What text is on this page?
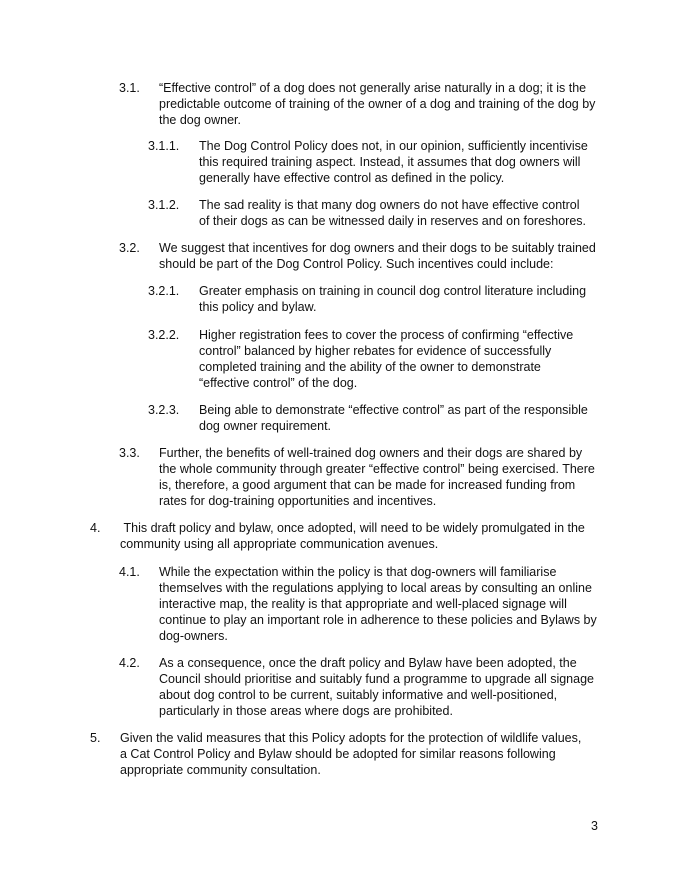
3.1.	“Effective control” of a dog does not generally arise naturally in a dog; it is the predictable outcome of training of the owner of a dog and training of the dog by the dog owner.
3.1.1.	The Dog Control Policy does not, in our opinion, sufficiently incentivise this required training aspect. Instead, it assumes that dog owners will generally have effective control as defined in the policy.
3.1.2.	The sad reality is that many dog owners do not have effective control of their dogs as can be witnessed daily in reserves and on foreshores.
3.2.	We suggest that incentives for dog owners and their dogs to be suitably trained should be part of the Dog Control Policy. Such incentives could include:
3.2.1.	Greater emphasis on training in council dog control literature including this policy and bylaw.
3.2.2.	Higher registration fees to cover the process of confirming “effective control” balanced by higher rebates for evidence of successfully completed training and the ability of the owner to demonstrate “effective control” of the dog.
3.2.3.	Being able to demonstrate “effective control” as part of the responsible dog owner requirement.
3.3.	Further, the benefits of well-trained dog owners and their dogs are shared by the whole community through greater “effective control” being exercised. There is, therefore, a good argument that can be made for increased funding from rates for dog-training opportunities and incentives.
4.	This draft policy and bylaw, once adopted, will need to be widely promulgated in the community using all appropriate communication avenues.
4.1.	While the expectation within the policy is that dog-owners will familiarise themselves with the regulations applying to local areas by consulting an online interactive map, the reality is that appropriate and well-placed signage will continue to play an important role in adherence to these policies and Bylaws by dog-owners.
4.2.	As a consequence, once the draft policy and Bylaw have been adopted, the Council should prioritise and suitably fund a programme to upgrade all signage about dog control to be current, suitably informative and well-positioned, particularly in those areas where dogs are prohibited.
5.	Given the valid measures that this Policy adopts for the protection of wildlife values, a Cat Control Policy and Bylaw should be adopted for similar reasons following appropriate community consultation.
3
